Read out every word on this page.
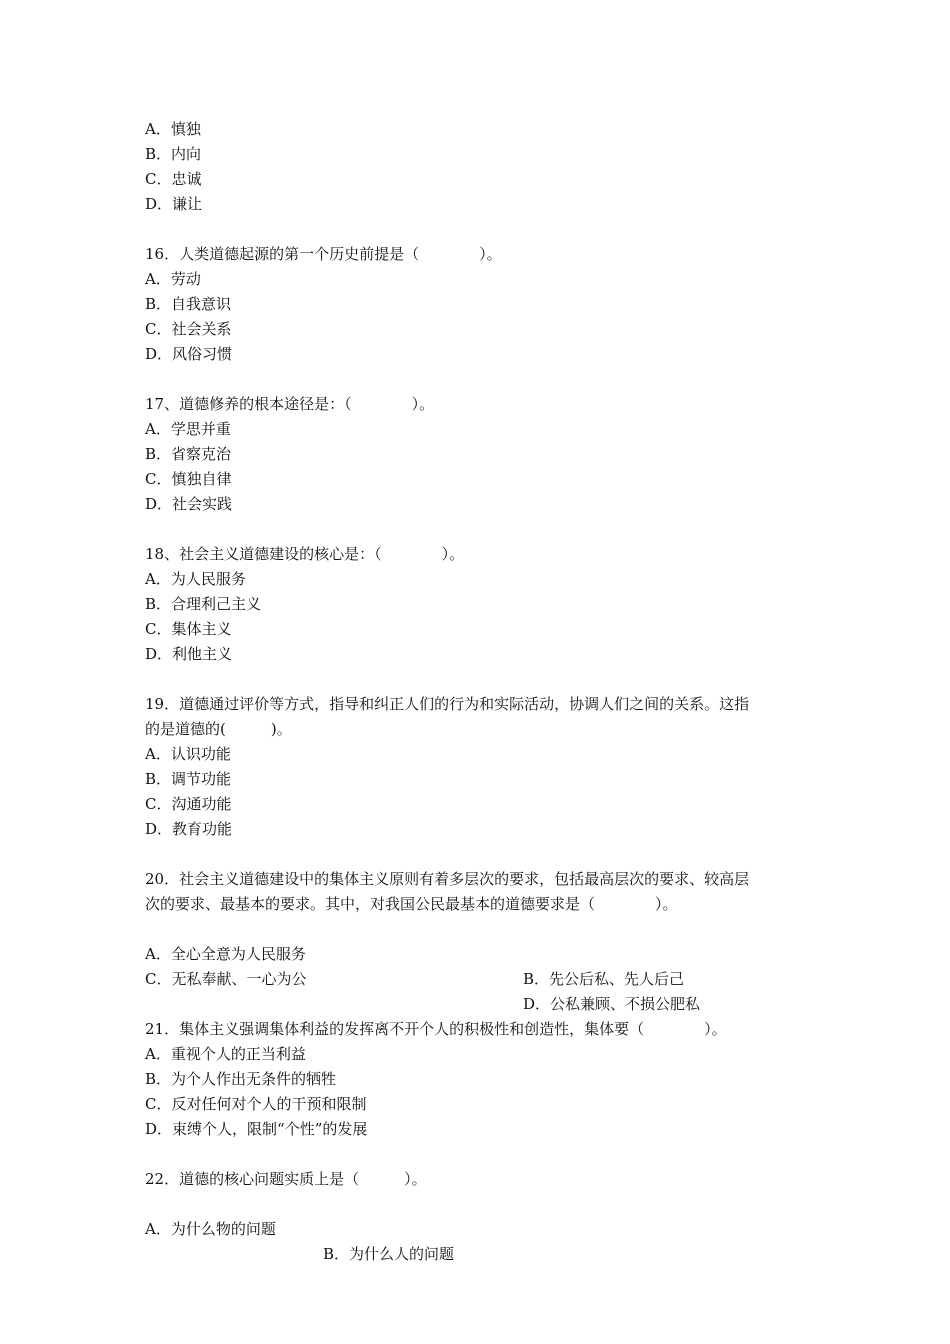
A．慎独
B．内向
C．忠诚
D．谦让
16．人类道德起源的第一个历史前提是（　　　　）。
A．劳动
B．自我意识
C．社会关系
D．风俗习惯
17、道德修养的根本途径是：（　　　　）。
A．学思并重
B．省察克治
C．慎独自律
D．社会实践
18、社会主义道德建设的核心是：（　　　　）。
A．为人民服务
B．合理利己主义
C．集体主义
D．利他主义
19．道德通过评价等方式，指导和纠正人们的行为和实际活动，协调人们之间的关系。这指
的是道德的(　　　)。
A．认识功能
B．调节功能
C．沟通功能
D．教育功能
20．社会主义道德建设中的集体主义原则有着多层次的要求，包括最高层次的要求、较高层
次的要求、最基本的要求。其中，对我国公民最基本的道德要求是（　　　　）。

A．全心全意为人民服务

B．先公后私、先人后己

C．无私奉献、一心为公

D．公私兼顾、不损公肥私

21．集体主义强调集体利益的发挥离不开个人的积极性和创造性，集体要（　　　　）。
A．重视个人的正当利益
B．为个人作出无条件的牺牲
C．反对任何对个人的干预和限制
D．束缚个人，限制“个性”的发展
22．道德的核心问题实质上是（　　　）。

A．为什么物的问题

B．为什么人的问题
